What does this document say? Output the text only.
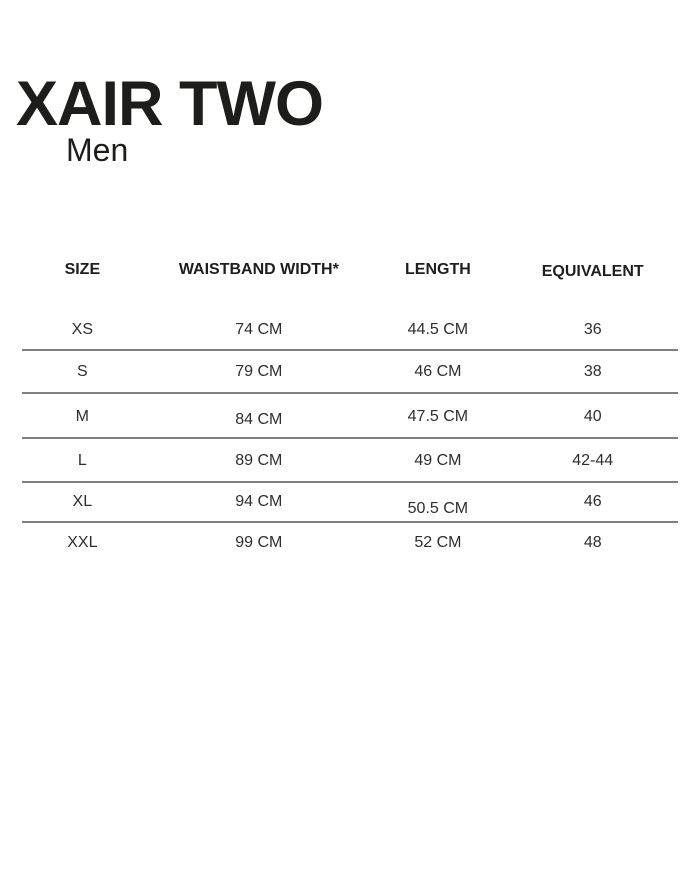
XAIR TWO
Men
SIZE	WAISTBAND WIDTH*	LENGTH	EQUIVALENT
XS	74 CM	44.5 CM	36
S	79 CM	46 CM	38
M	84 CM	47.5 CM	40
L	89 CM	49 CM	42-44
XL	94 CM	50.5 CM	46
XXL	99 CM	52 CM	48
